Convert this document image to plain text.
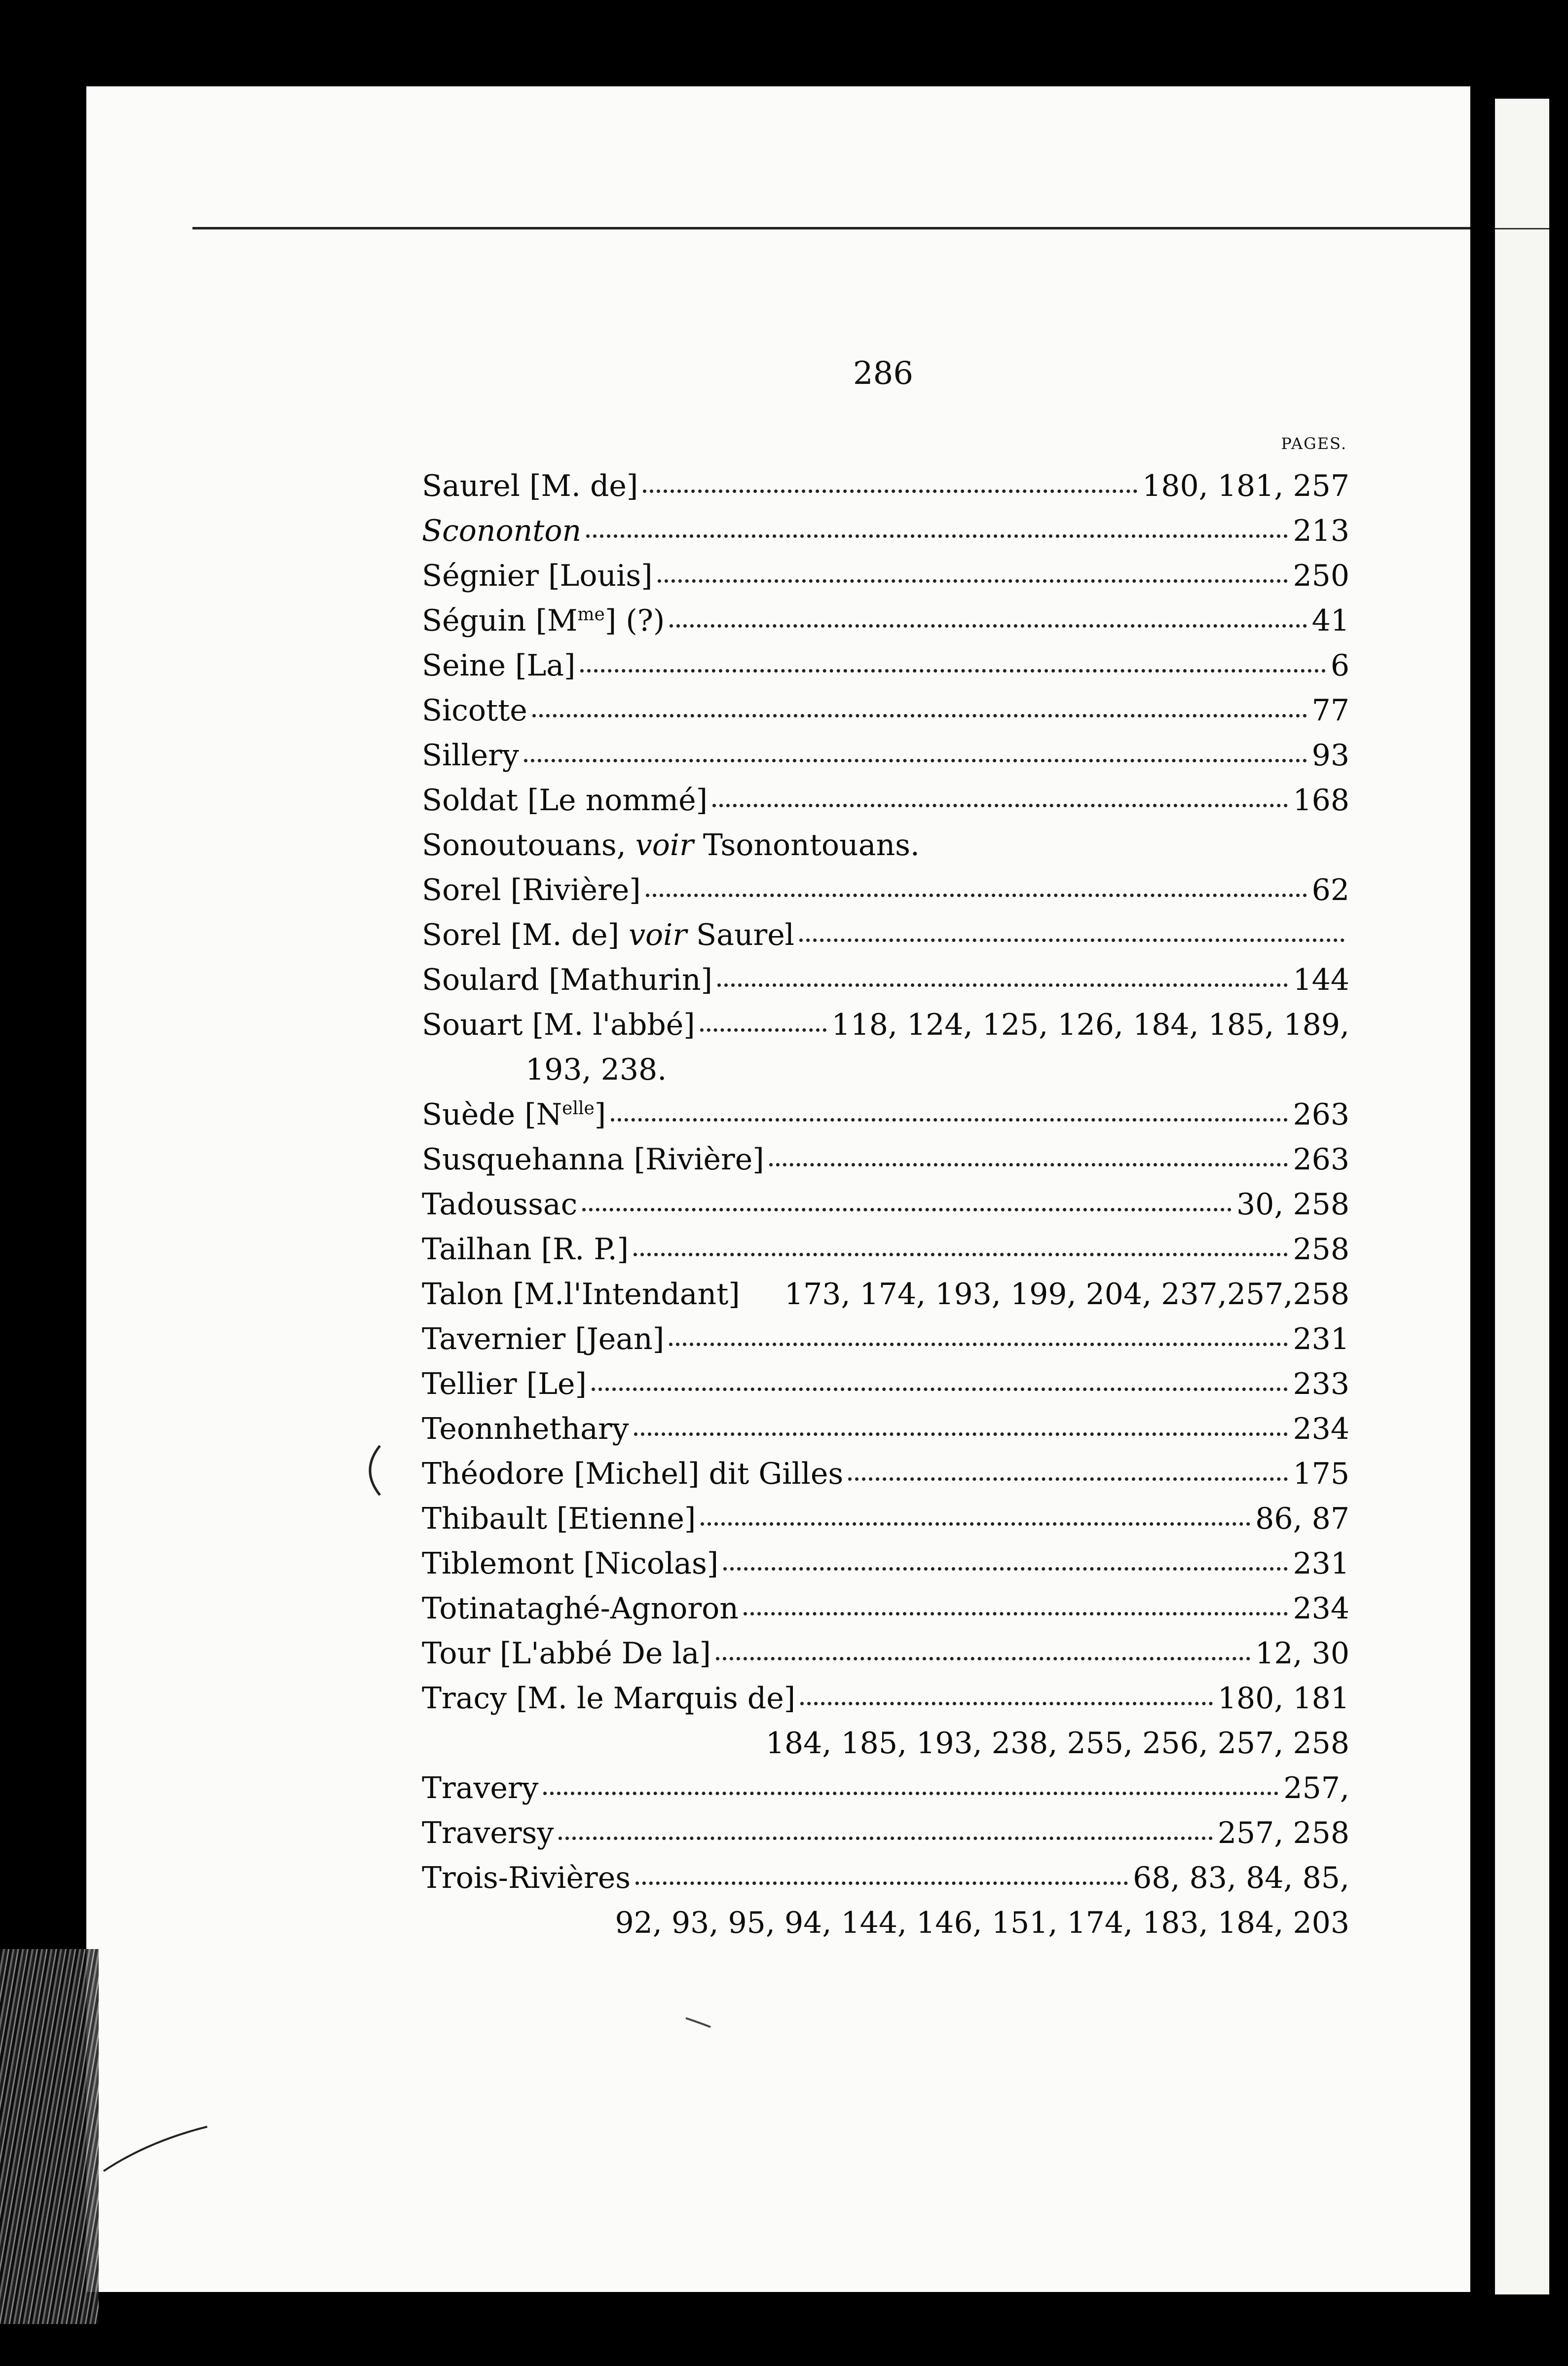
286
PAGES.
Saurel [M. de]	180, 181, 257
Scononton	213
Ségnier [Louis]	250
Séguin $[M^{me}]$ (?)	41
Seine [La]	6
Sicotte	77
Sillery	93
Soldat [Le nommé]	168
Sonoutouans, voir Tsonontouans.
Sorel [Rivière]	62
Sorel [M. de] voir Saurel
Soulard [Mathurin]	144
Souart [M. l'abbé]	118, 124, 125, 126, 184, 185, 189,
193, 238.
Suède $[N^{elle}]$	263
Susquehanna [Rivière]	263
Tadoussac	30, 258
Tailhan [R. P.]	258
Talon [M.l'Intendant] 173, 174, 193, 199, 204, 237,257,258
Tavernier [Jean]	231
Tellier [Le]	233
Teonnhethary	234
Théodore [Michel] dit Gilles	175
Thibault [Etienne]	86, 87
Tiblemont [Nicolas]	231
Totinataghé-Agnoron	234
Tour [L'abbé De la]	12, 30
Tracy [M. le Marquis de]	180, 181
184, 185, 193, 238, 255, 256, 257, 258
Travery	257,
Traversy	257, 258
Trois-Rivières	68, 83, 84, 85,
92, 93, 95, 94, 144, 146, 151, 174, 183, 184, 203
